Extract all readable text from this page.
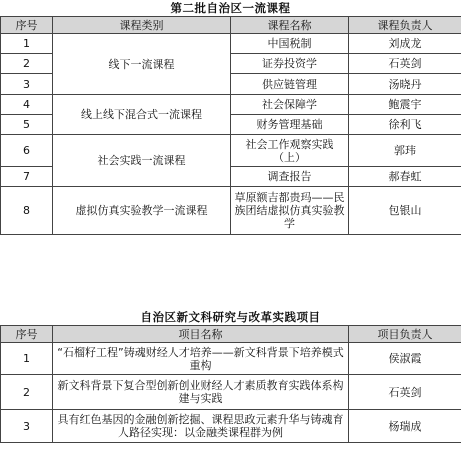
第二批自治区一流课程
序号	课程类别	课程名称	课程负责人
1	线下一流课程	中国税制	刘成龙
2		证券投资学	石英剑
3		供应链管理	汤晓丹
4	线上线下混合式一流课程	社会保障学	鲍震宇
5		财务管理基础	徐利飞
6	社会实践一流课程	社会工作观察实践（上）	郭玮
7		调查报告	郝春虹
8	虚拟仿真实验教学一流课程	草原额吉都贵玛——民族团结虚拟仿真实验教学	包银山
自治区新文科研究与改革实践项目
序号	项目名称	项目负责人
1	“石榴籽工程”铸魂财经人才培养——新文科背景下培养模式重构	侯淑霞
2	新文科背景下复合型创新创业财经人才素质教育实践体系构建与实践	石英剑
3	具有红色基因的金融创新挖掘、课程思政元素升华与铸魂育人路径实现：以金融类课程群为例	杨瑞成
